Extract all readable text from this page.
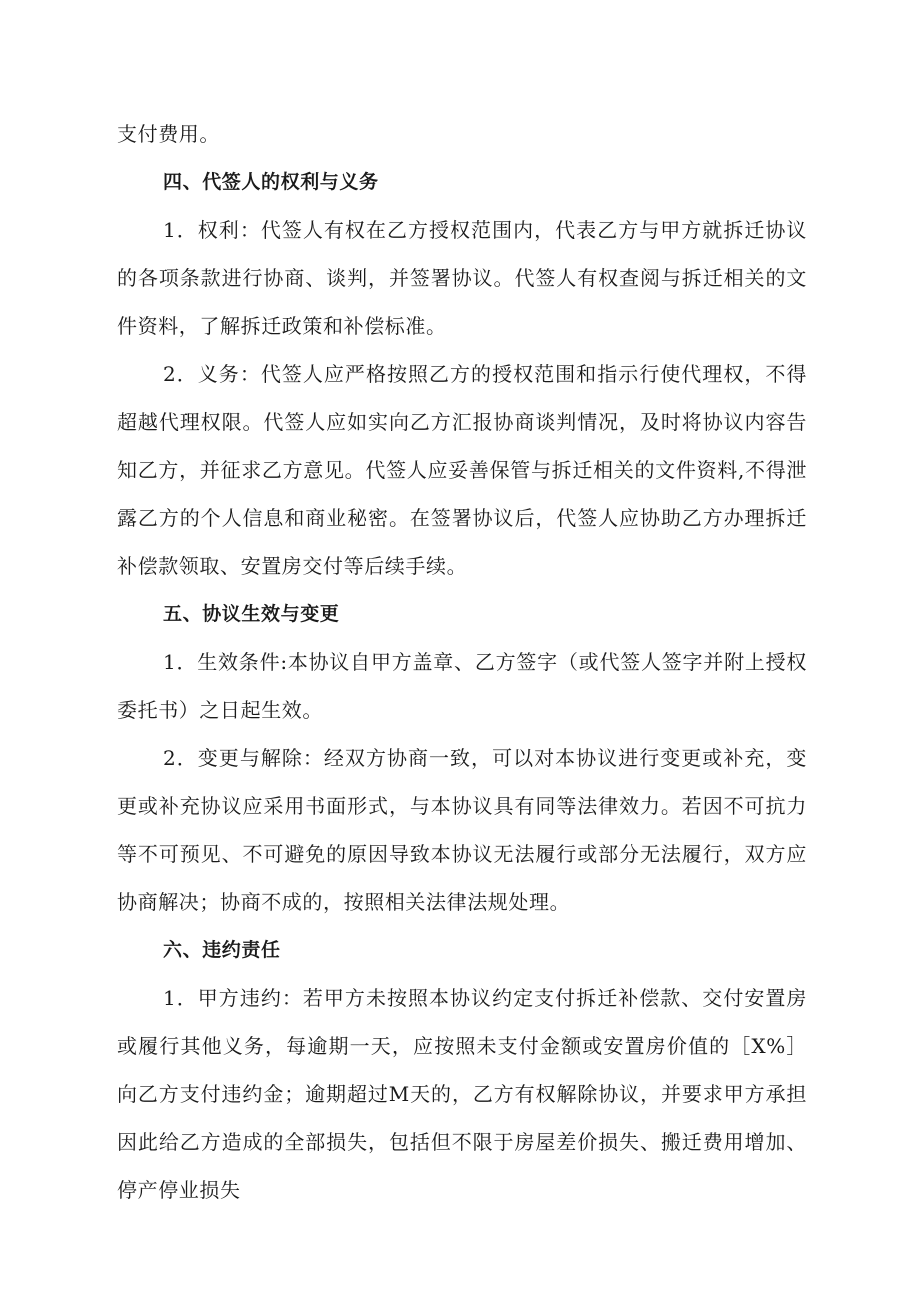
支付费用。

四、代签人的权利与义务

1．权利：代签人有权在乙方授权范围内，代表乙方与甲方就拆迁协议的各项条款进行协商、谈判，并签署协议。代签人有权查阅与拆迁相关的文件资料，了解拆迁政策和补偿标准。

2．义务：代签人应严格按照乙方的授权范围和指示行使代理权，不得超越代理权限。代签人应如实向乙方汇报协商谈判情况，及时将协议内容告知乙方，并征求乙方意见。代签人应妥善保管与拆迁相关的文件资料,不得泄露乙方的个人信息和商业秘密。在签署协议后，代签人应协助乙方办理拆迁补偿款领取、安置房交付等后续手续。

五、协议生效与变更

1．生效条件:本协议自甲方盖章、乙方签字（或代签人签字并附上授权委托书）之日起生效。

2．变更与解除：经双方协商一致，可以对本协议进行变更或补充，变更或补充协议应采用书面形式，与本协议具有同等法律效力。若因不可抗力等不可预见、不可避免的原因导致本协议无法履行或部分无法履行，双方应协商解决；协商不成的，按照相关法律法规处理。

六、违约责任

1．甲方违约：若甲方未按照本协议约定支付拆迁补偿款、交付安置房或履行其他义务，每逾期一天，应按照未支付金额或安置房价值的［X%］向乙方支付违约金；逾期超过M天的，乙方有权解除协议，并要求甲方承担因此给乙方造成的全部损失，包括但不限于房屋差价损失、搬迁费用增加、停产停业损失
